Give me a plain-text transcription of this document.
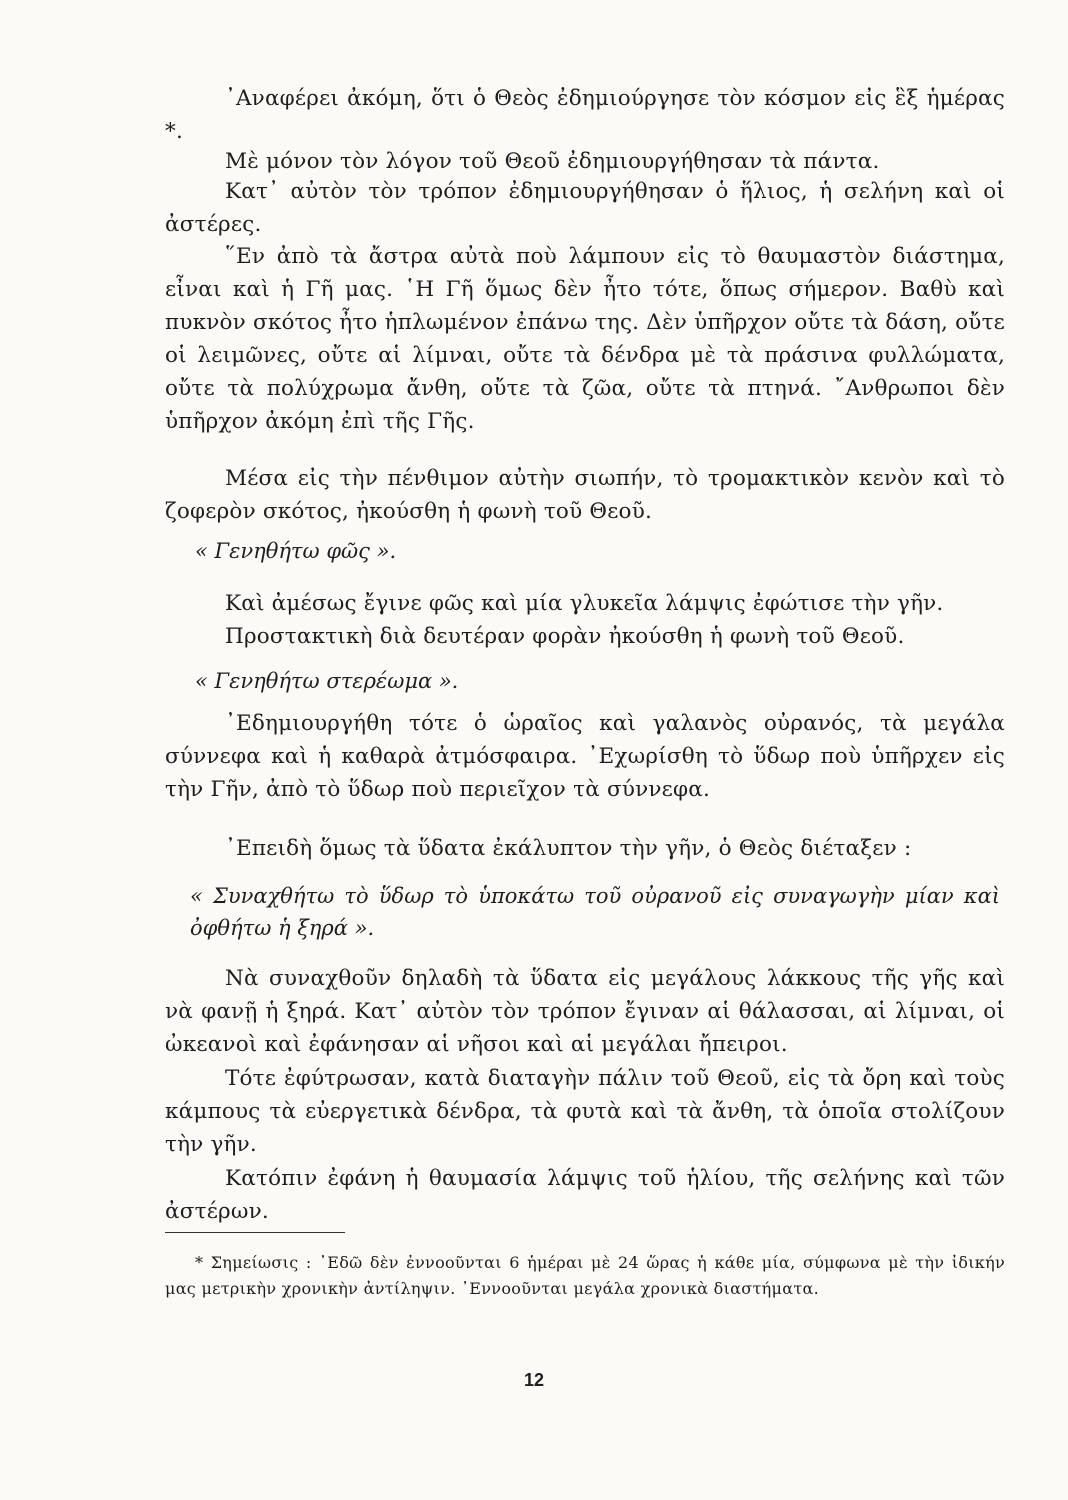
᾿Αναφέρει ἀκόμη, ὅτι ὁ Θεὸς ἐδημιούργησε τὸν κόσμον εἰς ἓξ ἡμέρας *.

Μὲ μόνον τὸν λόγον τοῦ Θεοῦ ἐδημιουργήθησαν τὰ πάντα.

Κατ᾿ αὐτὸν τὸν τρόπον ἐδημιουργήθησαν ὁ ἥλιος, ἡ σελήνη καὶ οἱ ἀστέρες.

῞Εν ἀπὸ τὰ ἄστρα αὐτὰ ποὺ λάμπουν εἰς τὸ θαυμαστὸν διάστημα, εἶναι καὶ ἡ Γῆ μας. ῾Η Γῆ ὅμως δὲν ἦτο τότε, ὅπως σήμερον. Βαθὺ καὶ πυκνὸν σκότος ἦτο ἡπλωμένον ἐπάνω της. Δὲν ὑπῆρχον οὔτε τὰ δάση, οὔτε οἱ λειμῶνες, οὔτε αἱ λίμναι, οὔτε τὰ δένδρα μὲ τὰ πράσινα φυλλώματα, οὔτε τὰ πολύχρωμα ἄνθη, οὔτε τὰ ζῶα, οὔτε τὰ πτηνά. ῎Ανθρωποι δὲν ὑπῆρχον ἀκόμη ἐπὶ τῆς Γῆς.

Μέσα εἰς τὴν πένθιμον αὐτὴν σιωπήν, τὸ τρομακτικὸν κενὸν καὶ τὸ ζοφερὸν σκότος, ἠκούσθη ἡ φωνὴ τοῦ Θεοῦ.

« Γενηθήτω φῶς ».

Καὶ ἀμέσως ἔγινε φῶς καὶ μία γλυκεῖα λάμψις ἐφώτισε τὴν γῆν.

Προστακτικὴ διὰ δευτέραν φορὰν ἠκούσθη ἡ φωνὴ τοῦ Θεοῦ.

« Γενηθήτω στερέωμα ».

᾿Εδημιουργήθη τότε ὁ ὡραῖος καὶ γαλανὸς οὐρανός, τὰ μεγάλα σύννεφα καὶ ἡ καθαρὰ ἀτμόσφαιρα. ᾿Εχωρίσθη τὸ ὕδωρ ποὺ ὑπῆρχεν εἰς τὴν Γῆν, ἀπὸ τὸ ὕδωρ ποὺ περιεῖχον τὰ σύννεφα.

᾿Επειδὴ ὅμως τὰ ὕδατα ἐκάλυπτον τὴν γῆν, ὁ Θεὸς διέταξεν :

« Συναχθήτω τὸ ὕδωρ τὸ ὑποκάτω τοῦ οὐρανοῦ εἰς συναγωγὴν μίαν καὶ ὀφθήτω ἡ ξηρά ».

Νὰ συναχθοῦν δηλαδὴ τὰ ὕδατα εἰς μεγάλους λάκκους τῆς γῆς καὶ νὰ φανῇ ἡ ξηρά. Κατ᾿ αὐτὸν τὸν τρόπον ἔγιναν αἱ θάλασσαι, αἱ λίμναι, οἱ ὠκεανοὶ καὶ ἐφάνησαν αἱ νῆσοι καὶ αἱ μεγάλαι ἤπειροι.

Τότε ἐφύτρωσαν, κατὰ διαταγὴν πάλιν τοῦ Θεοῦ, εἰς τὰ ὄρη καὶ τοὺς κάμπους τὰ εὐεργετικὰ δένδρα, τὰ φυτὰ καὶ τὰ ἄνθη, τὰ ὁποῖα στολίζουν τὴν γῆν.

Κατόπιν ἐφάνη ἡ θαυμασία λάμψις τοῦ ἡλίου, τῆς σελήνης καὶ τῶν ἀστέρων.

* Σημείωσις : ᾿Εδῶ δὲν ἐννοοῦνται 6 ἡμέραι μὲ 24 ὥρας ἡ κάθε μία, σύμφωνα μὲ τὴν ἰδικήν μας μετρικὴν χρονικὴν ἀντίληψιν. ᾿Εννοοῦνται μεγάλα χρονικὰ διαστήματα.

12
